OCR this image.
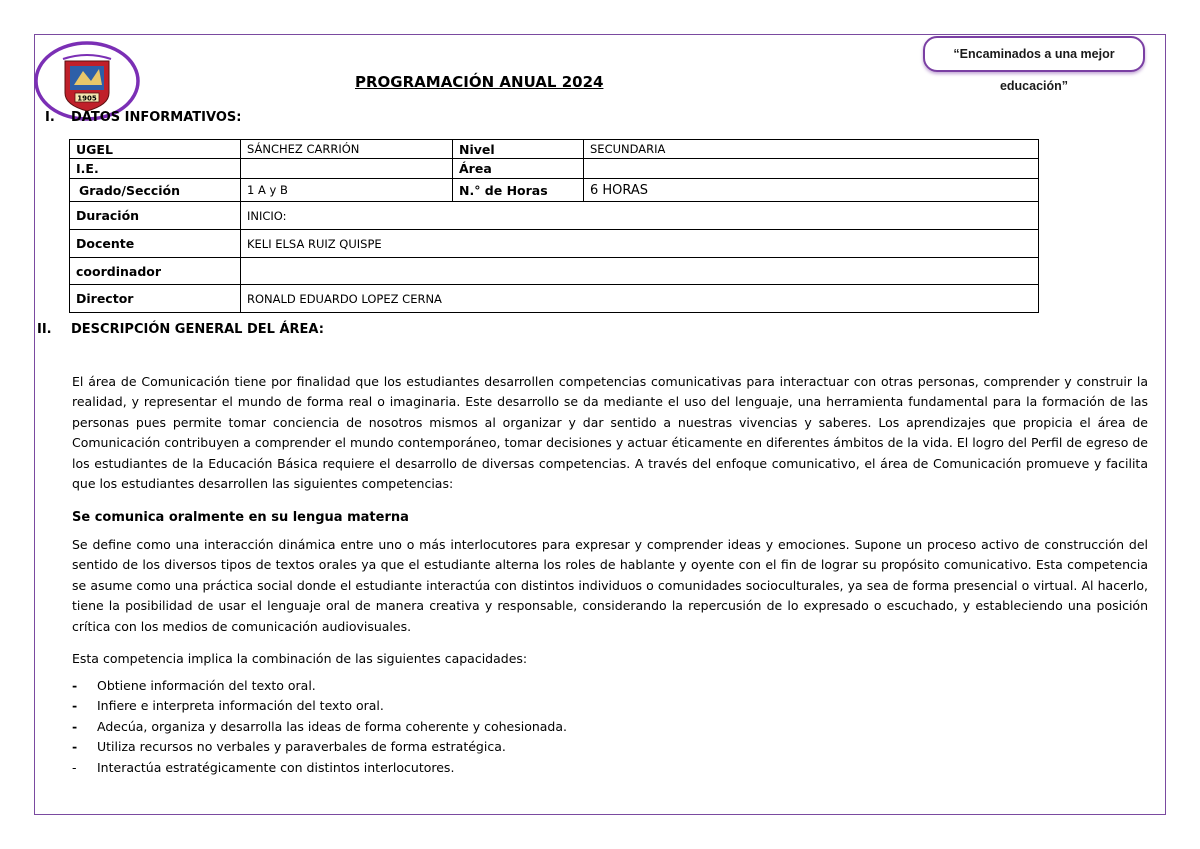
1905
“Encaminados a una mejor educación”
PROGRAMACIÓN ANUAL 2024
I. DATOS INFORMATIVOS:
UGEL	SÁNCHEZ CARRIÓN	Nivel	SECUNDARIA
I.E.		Área	
Grado/Sección	1 A y B	N.° de Horas	6 HORAS
Duración	INICIO:		
Docente	KELI ELSA RUIZ QUISPE		
coordinador			
Director	RONALD EDUARDO LOPEZ CERNA		
II. DESCRIPCIÓN GENERAL DEL ÁREA:
El área de Comunicación tiene por finalidad que los estudiantes desarrollen competencias comunicativas para interactuar con otras personas, comprender y construir la realidad, y representar el mundo de forma real o imaginaria. Este desarrollo se da mediante el uso del lenguaje, una herramienta fundamental para la formación de las personas pues permite tomar conciencia de nosotros mismos al organizar y dar sentido a nuestras vivencias y saberes. Los aprendizajes que propicia el área de Comunicación contribuyen a comprender el mundo contemporáneo, tomar decisiones y actuar éticamente en diferentes ámbitos de la vida. El logro del Perfil de egreso de los estudiantes de la Educación Básica requiere el desarrollo de diversas competencias. A través del enfoque comunicativo, el área de Comunicación promueve y facilita que los estudiantes desarrollen las siguientes competencias:
Se comunica oralmente en su lengua materna
Se define como una interacción dinámica entre uno o más interlocutores para expresar y comprender ideas y emociones. Supone un proceso activo de construcción del sentido de los diversos tipos de textos orales ya que el estudiante alterna los roles de hablante y oyente con el fin de lograr su propósito comunicativo. Esta competencia se asume como una práctica social donde el estudiante interactúa con distintos individuos o comunidades socioculturales, ya sea de forma presencial o virtual. Al hacerlo, tiene la posibilidad de usar el lenguaje oral de manera creativa y responsable, considerando la repercusión de lo expresado o escuchado, y estableciendo una posición crítica con los medios de comunicación audiovisuales.
Esta competencia implica la combinación de las siguientes capacidades:
- Obtiene información del texto oral.
- Infiere e interpreta información del texto oral.
- Adecúa, organiza y desarrolla las ideas de forma coherente y cohesionada.
- Utiliza recursos no verbales y paraverbales de forma estratégica.
- Interactúa estratégicamente con distintos interlocutores.
